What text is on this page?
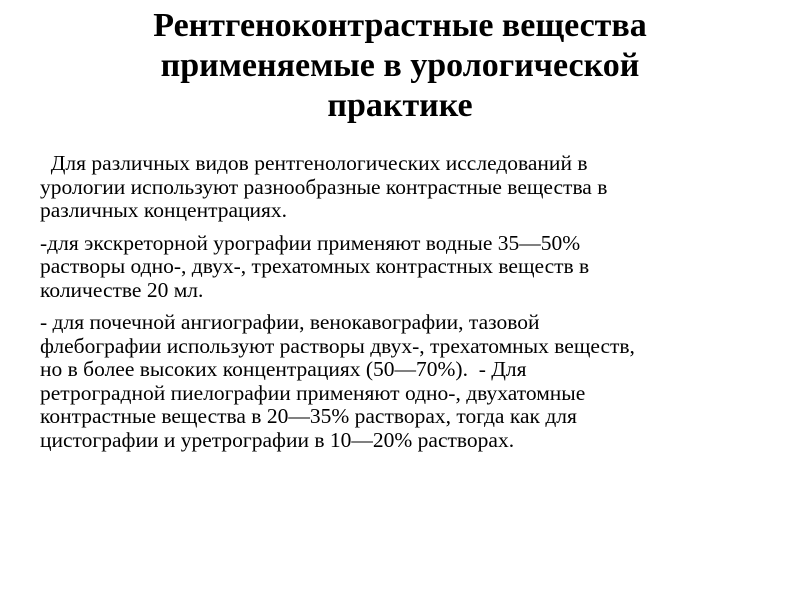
Рентгеноконтрастные вещества
применяемые в урологической
практике

Для различных видов рентгенологических исследований в
урологии используют разнообразные контрастные вещества в
различных концентрациях.

-для экскреторной урографии применяют водные 35—50%
растворы одно-, двух-, трехатомных контрастных веществ в
количестве 20 мл.

- для почечной ангиографии, венокавографии, тазовой
флебографии используют растворы двух-, трехатомных веществ,
но в более высоких концентрациях (50—70%).  - Для
ретроградной пиелографии применяют одно-, двухатомные
контрастные вещества в 20—35% растворах, тогда как для
цистографии и уретрографии в 10—20% растворах.
